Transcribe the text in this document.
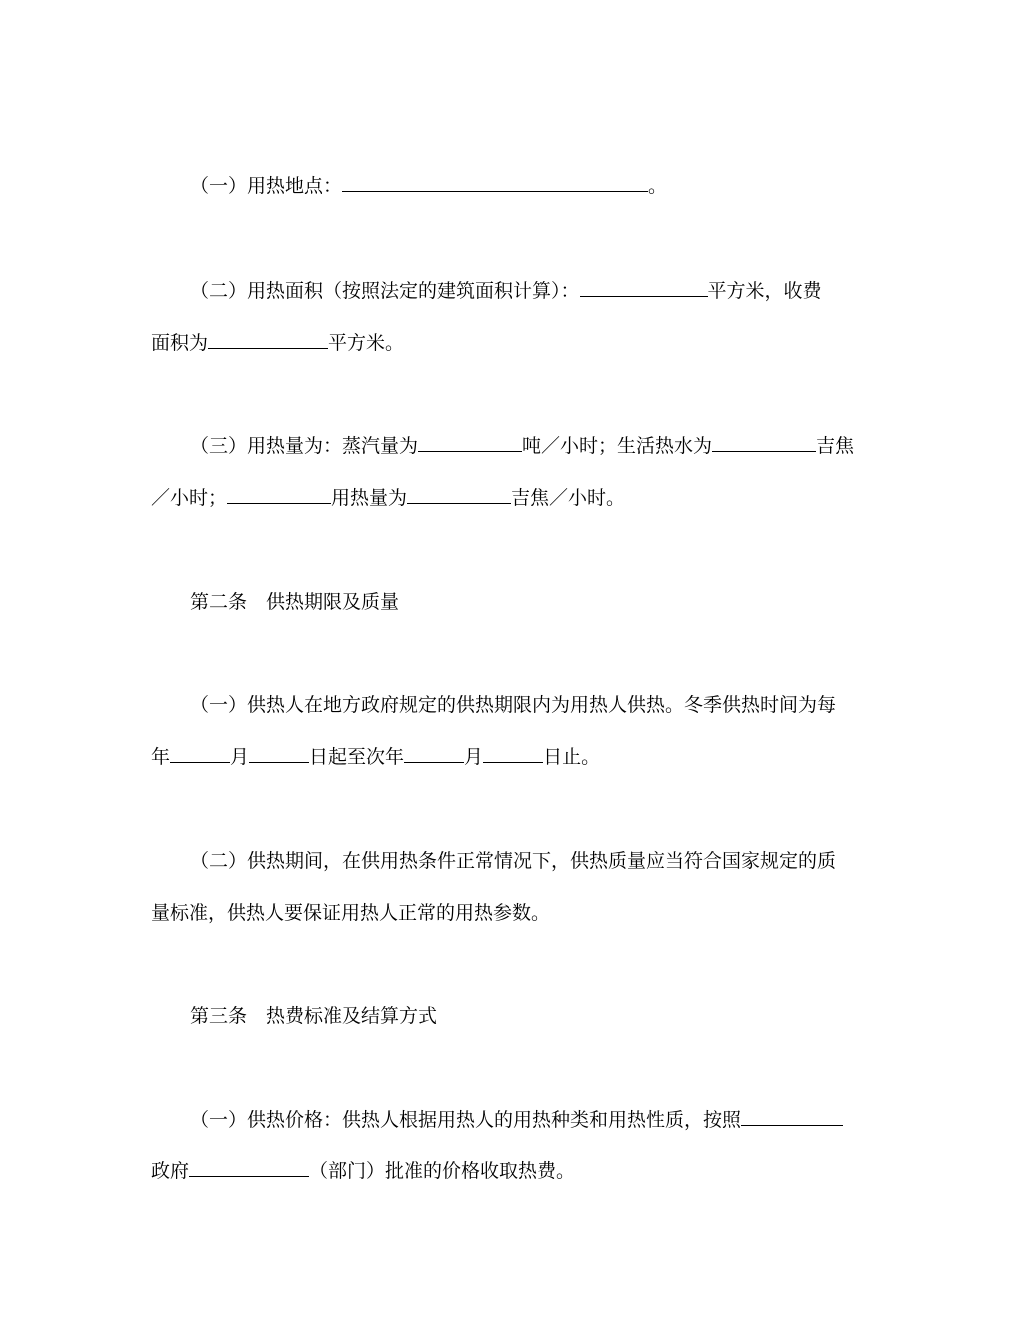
（一）用热地点：	。
（二）用热面积（按照法定的建筑面积计算）：	平方米，收费
面积为	平方米。
（三）用热量为：蒸汽量为	吨／小时；生活热水为	吉焦
／小时；	用热量为	吉焦／小时。
第二条　供热期限及质量
（一）供热人在地方政府规定的供热期限内为用热人供热。冬季供热时间为每
年	月	日起至次年	月	日止。
（二）供热期间，在供用热条件正常情况下，供热质量应当符合国家规定的质
量标准，供热人要保证用热人正常的用热参数。
第三条　热费标准及结算方式
（一）供热价格：供热人根据用热人的用热种类和用热性质，按照
政府	（部门）批准的价格收取热费。
